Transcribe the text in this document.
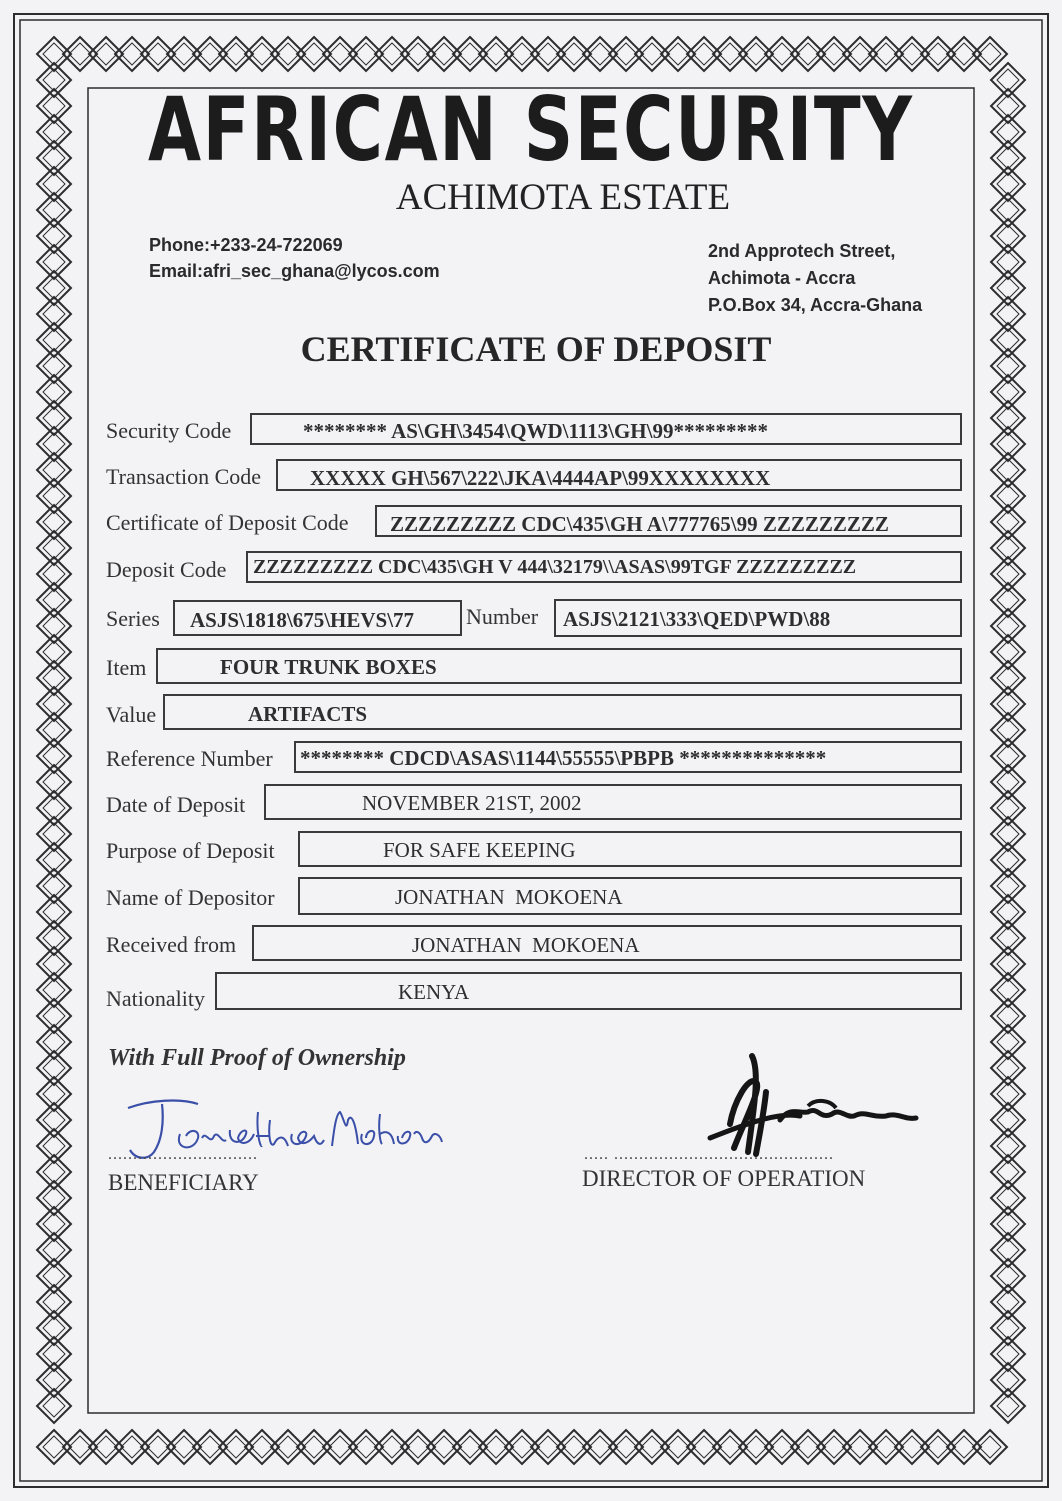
AFRICAN SECURITY
ACHIMOTA ESTATE
Phone:+233-24-722069
Email:afri_sec_ghana@lycos.com
2nd Approtech Street,
Achimota - Accra
P.O.Box 34, Accra-Ghana
CERTIFICATE OF DEPOSIT
Security Code	******** AS\GH\3454\QWD\1113\GH\99*********
Transaction Code XXXXX GH\567\222\JKA\4444AP\99XXXXXXXX
Certificate of Deposit Code ZZZZZZZZZ CDC\435\GH A\777765\99 ZZZZZZZZZ
Deposit Code ZZZZZZZZZ CDC\435\GH V 444\32179\\ASAS\99TGF ZZZZZZZZZ
Series ASJS\1818\675\HEVS\77 Number ASJS\2121\333\QED\PWD\88
Item	FOUR TRUNK BOXES
Value	ARTIFACTS
Reference Number ******** CDCD\ASAS\1144\55555\PBPB **************
Date of Deposit	NOVEMBER 21ST, 2002
Purpose of Deposit	FOR SAFE KEEPING
Name of Depositor	JONATHAN  MOKOENA
Received from	JONATHAN  MOKOENA
Nationality	KENYA
With Full Proof of Ownership
..............................
BENEFICIARY
..... ............................................
DIRECTOR OF OPERATION
